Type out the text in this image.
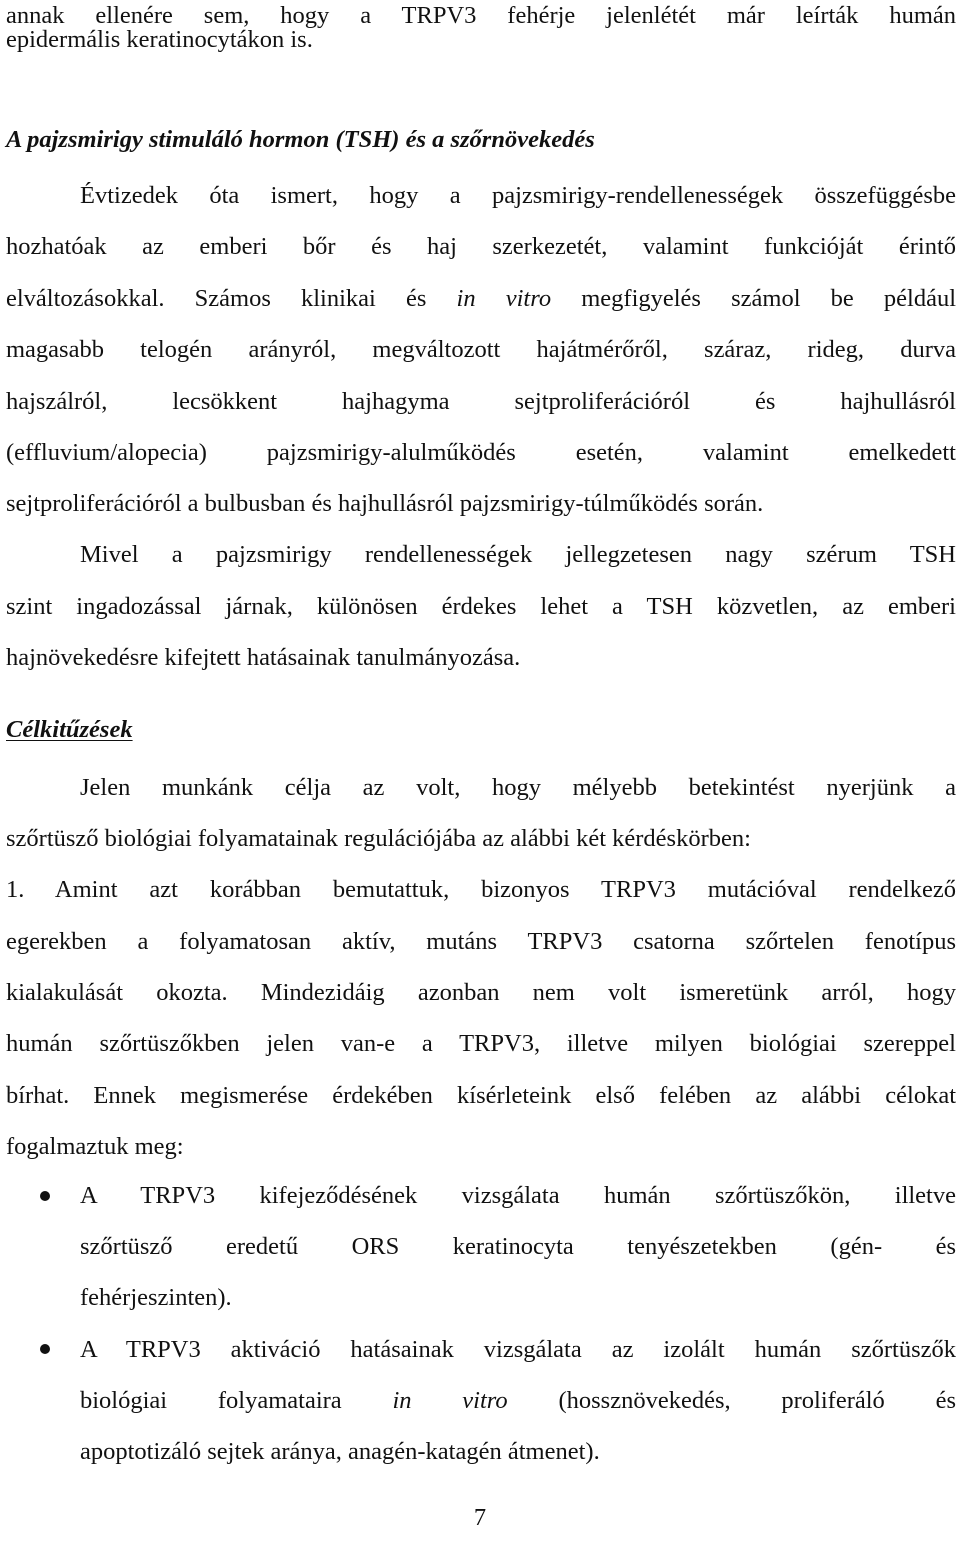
annak ellenére sem, hogy a TRPV3 fehérje jelenlétét már leírták humán
epidermális keratinocytákon is.
A pajzsmirigy stimuláló hormon (TSH) és a szőrnövekedés
Évtizedek óta ismert, hogy a pajzsmirigy-rendellenességek összefüggésbe
hozhatóak az emberi bőr és haj szerkezetét, valamint funkcióját érintő
elváltozásokkal. Számos klinikai és in vitro megfigyelés számol be például
magasabb telogén arányról, megváltozott hajátmérőről, száraz, rideg, durva
hajszálról, lecsökkent hajhagyma sejtproliferációról és hajhullásról
(effluvium/alopecia) pajzsmirigy-alulműködés esetén, valamint emelkedett
sejtproliferációról a bulbusban és hajhullásról pajzsmirigy-túlműködés során.
Mivel a pajzsmirigy rendellenességek jellegzetesen nagy szérum TSH
szint ingadozással járnak, különösen érdekes lehet a TSH közvetlen, az emberi
hajnövekedésre kifejtett hatásainak tanulmányozása.
Célkitűzések
Jelen munkánk célja az volt, hogy mélyebb betekintést nyerjünk a
szőrtüsző biológiai folyamatainak regulációjába az alábbi két kérdéskörben:
1. Amint azt korábban bemutattuk, bizonyos TRPV3 mutációval rendelkező
egerekben a folyamatosan aktív, mutáns TRPV3 csatorna szőrtelen fenotípus
kialakulását okozta. Mindezidáig azonban nem volt ismeretünk arról, hogy
humán szőrtüszőkben jelen van-e a TRPV3, illetve milyen biológiai szereppel
bírhat. Ennek megismerése érdekében kísérleteink első felében az alábbi célokat
fogalmaztuk meg:
A TRPV3 kifejeződésének vizsgálata humán szőrtüszőkön, illetve
szőrtüsző eredetű ORS keratinocyta tenyészetekben (gén- és
fehérjeszinten).
A TRPV3 aktiváció hatásainak vizsgálata az izolált humán szőrtüszők
biológiai folyamataira in vitro (hossznövekedés, proliferáló és
apoptotizáló sejtek aránya, anagén-katagén átmenet).
7
